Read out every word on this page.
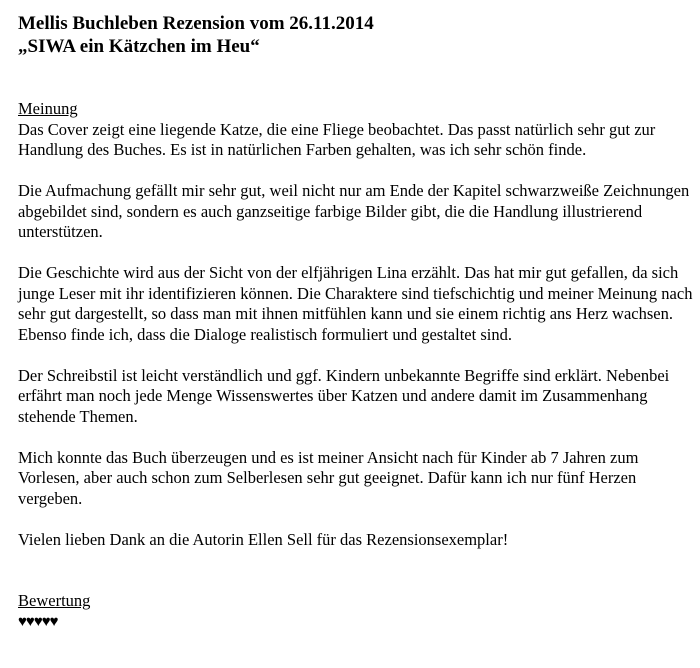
Mellis Buchleben Rezension vom 26.11.2014

„SIWA ein Kätzchen im Heu“

Meinung

Das Cover zeigt eine liegende Katze, die eine Fliege beobachtet. Das passt natürlich sehr gut zur Handlung des Buches. Es ist in natürlichen Farben gehalten, was ich sehr schön finde.

Die Aufmachung gefällt mir sehr gut, weil nicht nur am Ende der Kapitel schwarzweiße Zeichnungen abgebildet sind, sondern es auch ganzseitige farbige Bilder gibt, die die Handlung illustrierend unterstützen.

Die Geschichte wird aus der Sicht von der elfjährigen Lina erzählt. Das hat mir gut gefallen, da sich junge Leser mit ihr identifizieren können. Die Charaktere sind tiefschichtig und meiner Meinung nach sehr gut dargestellt, so dass man mit ihnen mitfühlen kann und sie einem richtig ans Herz wachsen. Ebenso finde ich, dass die Dialoge realistisch formuliert und gestaltet sind.

Der Schreibstil ist leicht verständlich und ggf. Kindern unbekannte Begriffe sind erklärt. Nebenbei erfährt man noch jede Menge Wissenswertes über Katzen und andere damit im Zusammenhang stehende Themen.

Mich konnte das Buch überzeugen und es ist meiner Ansicht nach für Kinder ab 7 Jahren zum Vorlesen, aber auch schon zum Selberlesen sehr gut geeignet. Dafür kann ich nur fünf Herzen vergeben.

Vielen lieben Dank an die Autorin Ellen Sell für das Rezensionsexemplar!

Bewertung

♥♥♥♥♥
